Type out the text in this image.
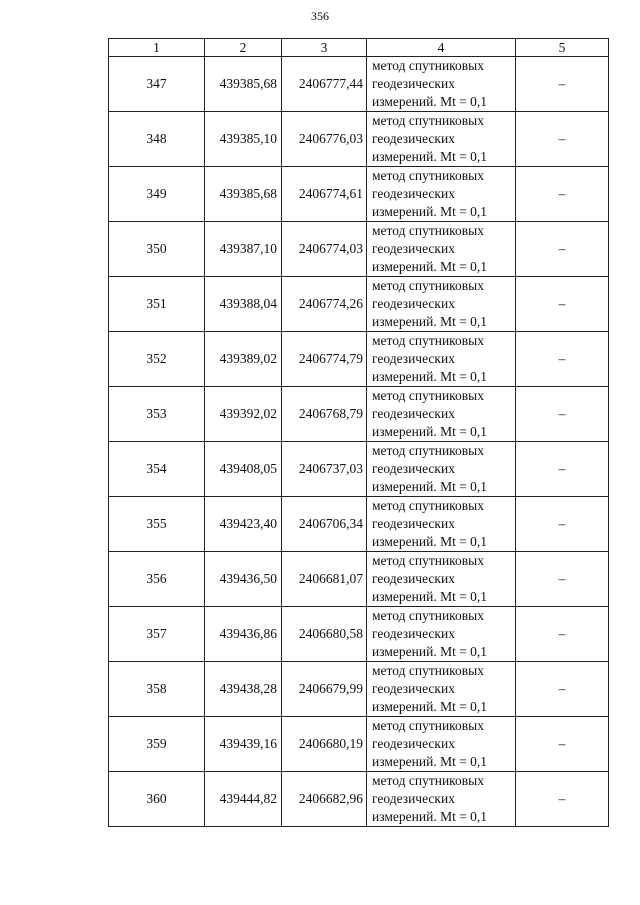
356
1	2	3	4	5
347	439385,68	2406777,44	метод спутниковых
геодезических
измерений. Mt = 0,1	–
348	439385,10	2406776,03	метод спутниковых
геодезических
измерений. Mt = 0,1	–
349	439385,68	2406774,61	метод спутниковых
геодезических
измерений. Mt = 0,1	–
350	439387,10	2406774,03	метод спутниковых
геодезических
измерений. Mt = 0,1	–
351	439388,04	2406774,26	метод спутниковых
геодезических
измерений. Mt = 0,1	–
352	439389,02	2406774,79	метод спутниковых
геодезических
измерений. Mt = 0,1	–
353	439392,02	2406768,79	метод спутниковых
геодезических
измерений. Mt = 0,1	–
354	439408,05	2406737,03	метод спутниковых
геодезических
измерений. Mt = 0,1	–
355	439423,40	2406706,34	метод спутниковых
геодезических
измерений. Mt = 0,1	–
356	439436,50	2406681,07	метод спутниковых
геодезических
измерений. Mt = 0,1	–
357	439436,86	2406680,58	метод спутниковых
геодезических
измерений. Mt = 0,1	–
358	439438,28	2406679,99	метод спутниковых
геодезических
измерений. Mt = 0,1	–
359	439439,16	2406680,19	метод спутниковых
геодезических
измерений. Mt = 0,1	–
360	439444,82	2406682,96	метод спутниковых
геодезических
измерений. Mt = 0,1	–
